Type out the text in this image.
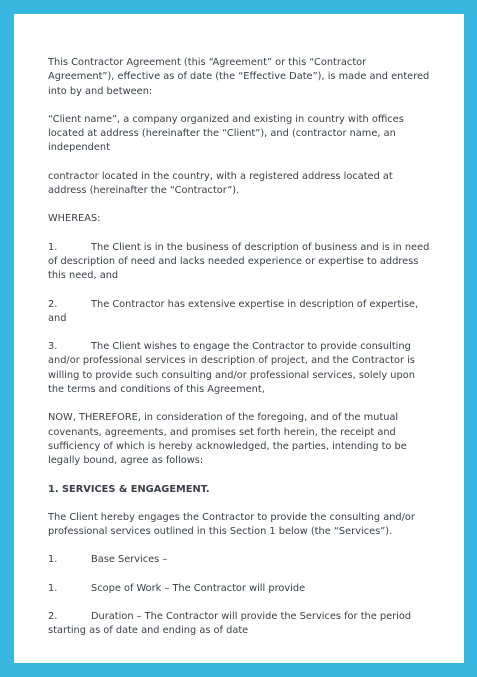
This Contractor Agreement (this “Agreement” or this “Contractor Agreement”), effective as of date (the “Effective Date”), is made and entered into by and between:

“Client name”, a company organized and existing in country with offices located at address (hereinafter the “Client”), and (contractor name, an independent

contractor located in the country, with a registered address located at address (hereinafter the “Contractor”).

WHEREAS:

1.	The Client is in the business of description of business and is in need of description of need and lacks needed experience or expertise to address this need, and

2.	The Contractor has extensive expertise in description of expertise, and

3.	The Client wishes to engage the Contractor to provide consulting and/or professional services in description of project, and the Contractor is willing to provide such consulting and/or professional services, solely upon the terms and conditions of this Agreement,

NOW, THEREFORE, in consideration of the foregoing, and of the mutual covenants, agreements, and promises set forth herein, the receipt and sufficiency of which is hereby acknowledged, the parties, intending to be legally bound, agree as follows:

1. SERVICES & ENGAGEMENT.

The Client hereby engages the Contractor to provide the consulting and/or professional services outlined in this Section 1 below (the “Services”).

1.	Base Services –

1.	Scope of Work – The Contractor will provide

2.	Duration – The Contractor will provide the Services for the period starting as of date and ending as of date
